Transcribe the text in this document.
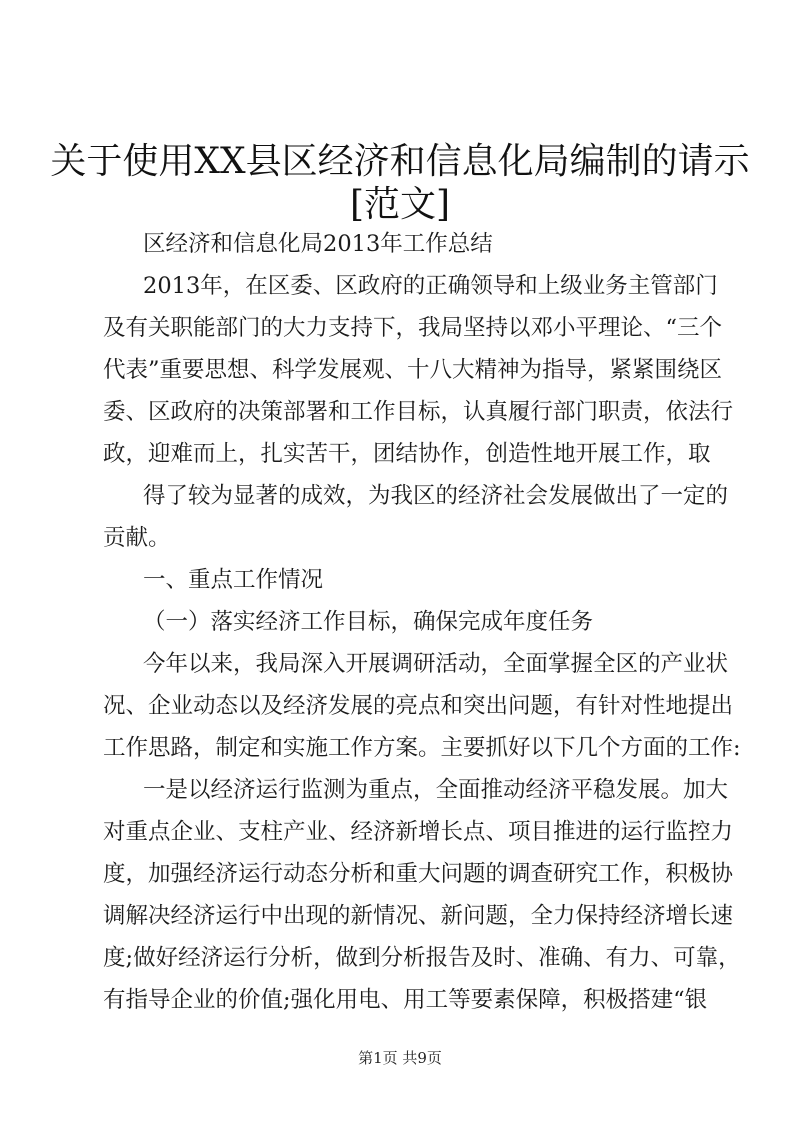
关于使用XX县区经济和信息化局编制的请示
[范文]
区经济和信息化局2013年工作总结
2013年，在区委、区政府的正确领导和上级业务主管部门
及有关职能部门的大力支持下，我局坚持以邓小平理论、“三个
代表”重要思想、科学发展观、十八大精神为指导，紧紧围绕区
委、区政府的决策部署和工作目标，认真履行部门职责，依法行
政，迎难而上，扎实苦干，团结协作，创造性地开展工作，取
得了较为显著的成效，为我区的经济社会发展做出了一定的
贡献。
一、重点工作情况
（一）落实经济工作目标，确保完成年度任务
今年以来，我局深入开展调研活动，全面掌握全区的产业状
况、企业动态以及经济发展的亮点和突出问题，有针对性地提出
工作思路，制定和实施工作方案。主要抓好以下几个方面的工作:
一是以经济运行监测为重点，全面推动经济平稳发展。加大
对重点企业、支柱产业、经济新增长点、项目推进的运行监控力
度，加强经济运行动态分析和重大问题的调查研究工作，积极协
调解决经济运行中出现的新情况、新问题，全力保持经济增长速
度;做好经济运行分析，做到分析报告及时、准确、有力、可靠，
有指导企业的价值;强化用电、用工等要素保障，积极搭建“银
第1页 共9页
